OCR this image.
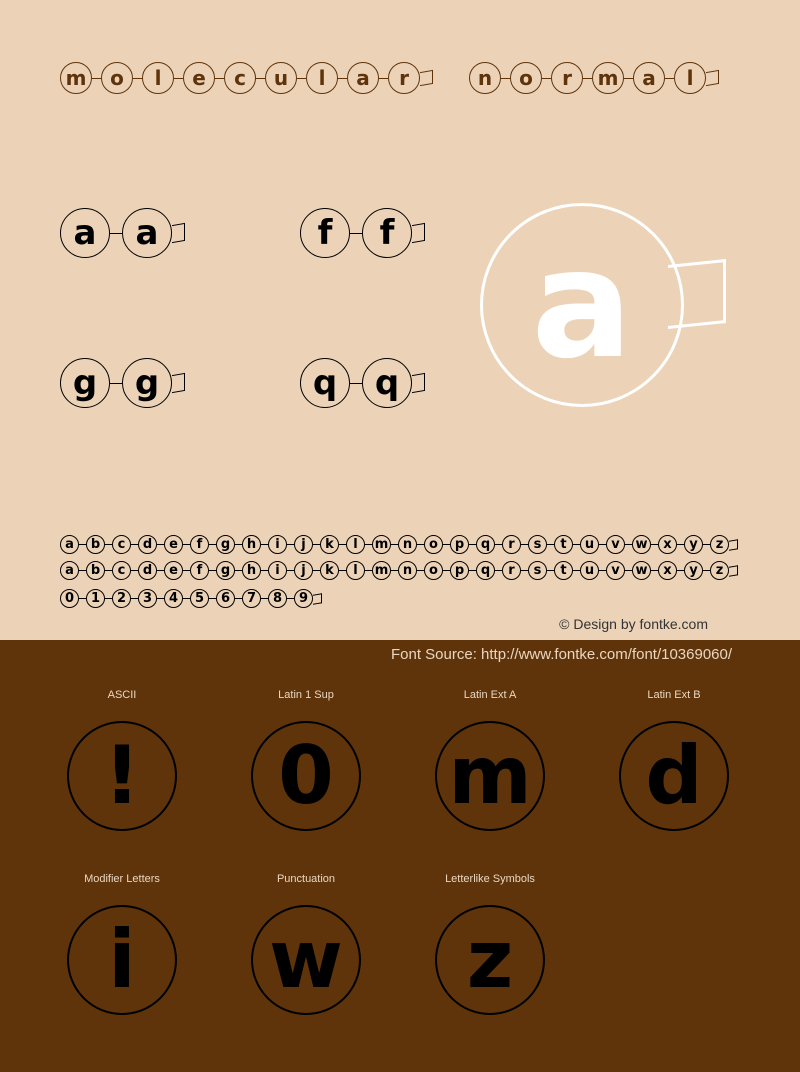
m	o	l	e	c	u	l	a	r	n	o	r	m	a	l
a	a	f	f
g	g	q	q a
a	b	c	d	e	f	g	h	i	j	k	l	m	n	o	p	q	r	s	t	u	v	w	x	y	z
a	b	c	d	e	f	g	h	i	j	k	l	m	n	o	p	q	r	s	t	u	v	w	x	y	z
0	1	2	3	4	5	6	7	8	9
© Design by fontke.com
Font Source: http://www.fontke.com/font/10369060/
ASCII
!
Latin 1 Sup
0
Latin Ext A
m
Latin Ext B
d
Modifier Letters
i
Punctuation
w
Letterlike Symbols
z
